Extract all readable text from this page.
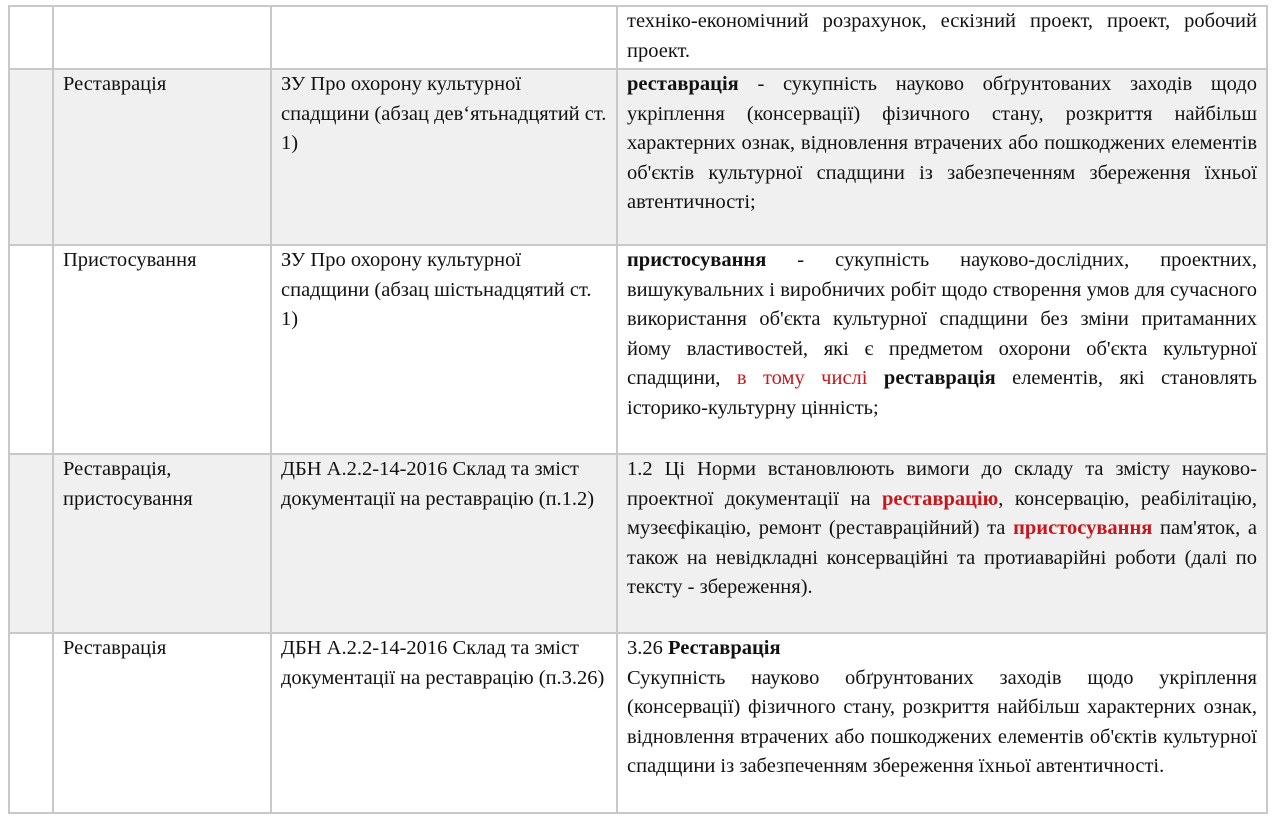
			техніко-економічний розрахунок, ескізний проект, проект, робочий проект.
	Реставрація	ЗУ Про охорону культурної спадщини (абзац дев‘ятьнадцятий ст. 1)	реставрація - сукупність науково обґрунтованих заходів щодо укріплення (консервації) фізичного стану, розкриття найбільш характерних ознак, відновлення втрачених або пошкоджених елементів об'єктів культурної спадщини із забезпеченням збереження їхньої автентичності;
	Пристосування	ЗУ Про охорону культурної спадщини (абзац шістьнадцятий ст. 1)	пристосування - сукупність науково-дослідних, проектних, вишукувальних і виробничих робіт щодо створення умов для сучасного використання об'єкта культурної спадщини без зміни притаманних йому властивостей, які є предметом охорони об'єкта культурної спадщини, в тому числі реставрація елементів, які становлять історико-культурну цінність;
	Реставрація, пристосування	ДБН А.2.2-14-2016 Склад та зміст документації на реставрацію (п.1.2)	1.2 Ці Норми встановлюють вимоги до складу та змісту науково-проектної документації на реставрацію, консервацію, реабілітацію, музеєфікацію, ремонт (реставраційний) та пристосування пам'яток, а також на невідкладні консерваційні та протиаварійні роботи (далі по тексту - збереження).
	Реставрація	ДБН А.2.2-14-2016 Склад та зміст документації на реставрацію (п.3.26)	3.26 Реставрація
Сукупність науково обґрунтованих заходів щодо укріплення (консервації) фізичного стану, розкриття найбільш характерних ознак, відновлення втрачених або пошкоджених елементів об'єктів культурної спадщини із забезпеченням збереження їхньої автентичності.
